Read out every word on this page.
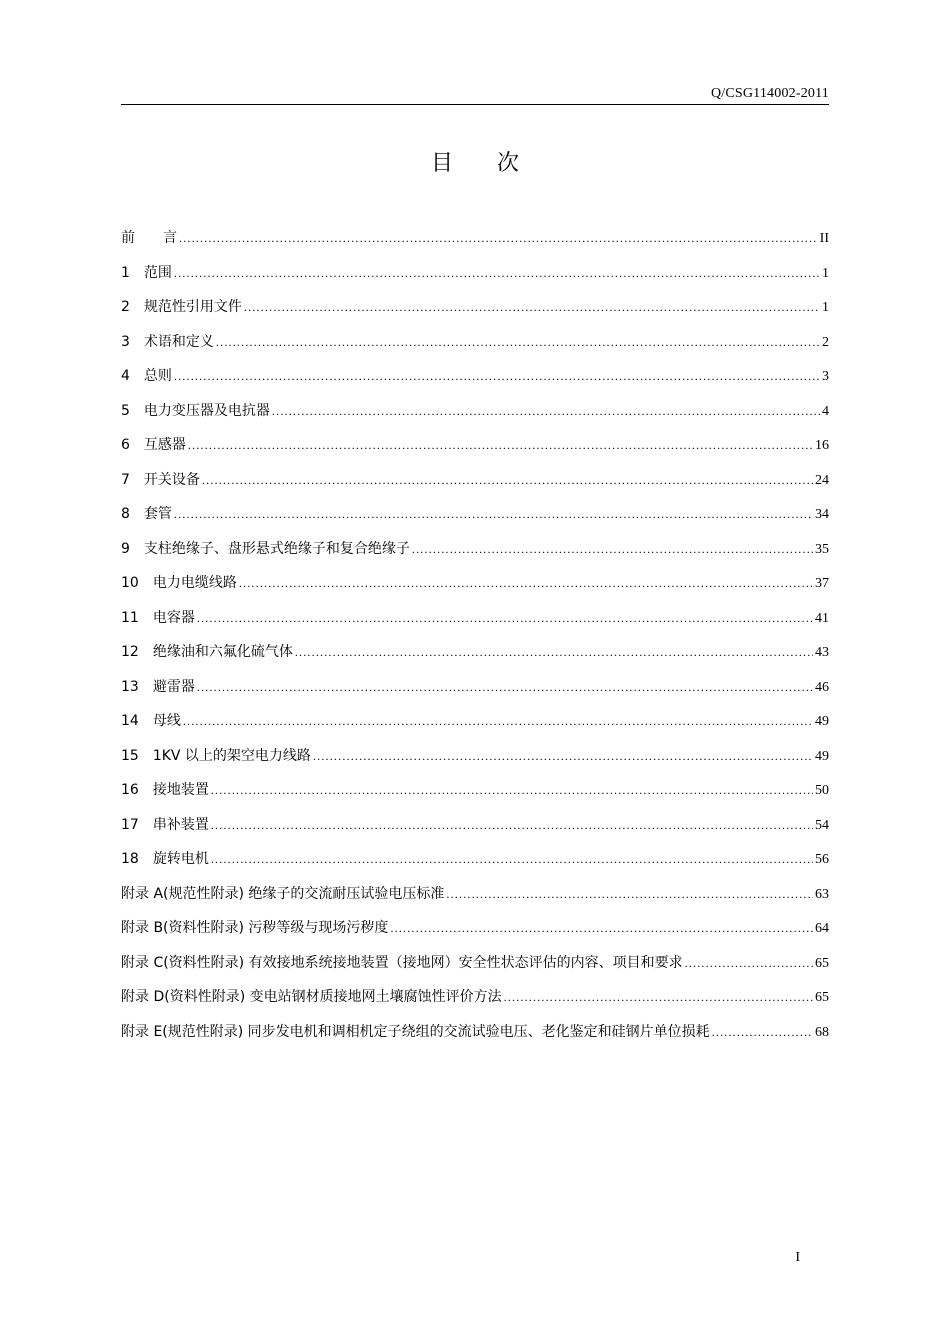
Q/CSG114002-2011
目 次
前　　言 .....	II
1　范围 .....	1
2　规范性引用文件 .....	1
3　术语和定义 .....	2
4　总则 .....	3
5　电力变压器及电抗器 .....	4
6　互感器 .....	16
7　开关设备 .....	24
8　套管 .....	34
9　支柱绝缘子、盘形悬式绝缘子和复合绝缘子 .....	35
10　电力电缆线路 .....	37
11　电容器 .....	41
12　绝缘油和六氟化硫气体 .....	43
13　避雷器 .....	46
14　母线 .....	49
15　1KV 以上的架空电力线路 .....	49
16　接地装置 .....	50
17　串补装置 .....	54
18　旋转电机 .....	56
附录 A(规范性附录) 绝缘子的交流耐压试验电压标准 .....	63
附录 B(资料性附录) 污秽等级与现场污秽度 .....	64
附录 C(资料性附录) 有效接地系统接地装置（接地网）安全性状态评估的内容、项目和要求 .....	65
附录 D(资料性附录) 变电站钢材质接地网土壤腐蚀性评价方法 .....	65
附录 E(规范性附录) 同步发电机和调相机定子绕组的交流试验电压、老化鉴定和硅钢片单位损耗 .....	68
I
